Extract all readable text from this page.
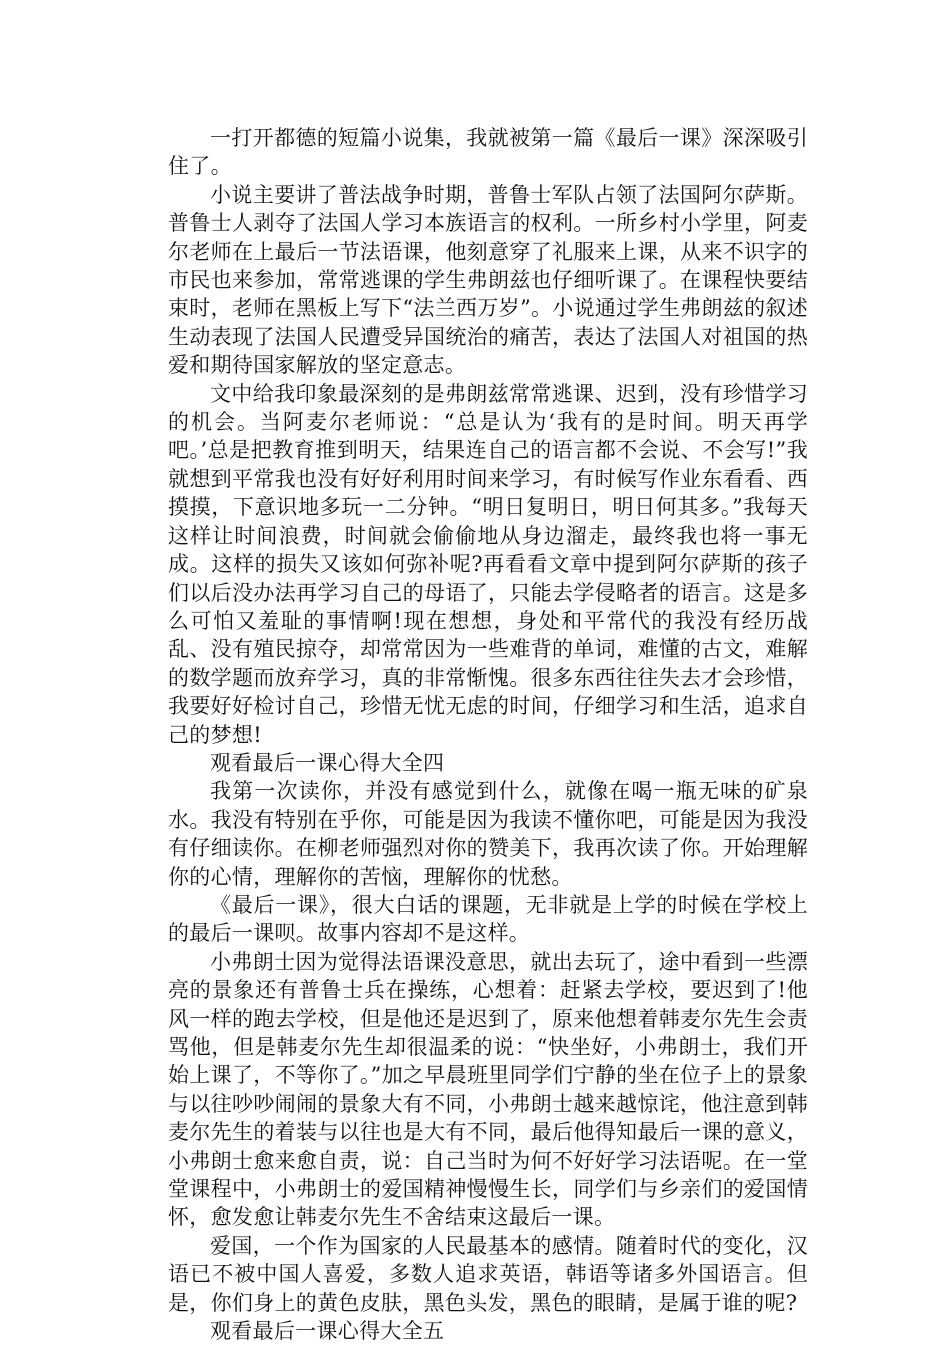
一打开都德的短篇小说集，我就被第一篇《最后一课》深深吸引住了。

小说主要讲了普法战争时期，普鲁士军队占领了法国阿尔萨斯。普鲁士人剥夺了法国人学习本族语言的权利。一所乡村小学里，阿麦尔老师在上最后一节法语课，他刻意穿了礼服来上课，从来不识字的市民也来参加，常常逃课的学生弗朗兹也仔细听课了。在课程快要结束时，老师在黑板上写下“法兰西万岁”。小说通过学生弗朗兹的叙述生动表现了法国人民遭受异国统治的痛苦，表达了法国人对祖国的热爱和期待国家解放的坚定意志。

文中给我印象最深刻的是弗朗兹常常逃课、迟到，没有珍惜学习的机会。当阿麦尔老师说：“总是认为‘我有的是时间。明天再学吧。’总是把教育推到明天，结果连自己的语言都不会说、不会写!”我就想到平常我也没有好好利用时间来学习，有时候写作业东看看、西摸摸，下意识地多玩一二分钟。“明日复明日，明日何其多。”我每天这样让时间浪费，时间就会偷偷地从身边溜走，最终我也将一事无成。这样的损失又该如何弥补呢?再看看文章中提到阿尔萨斯的孩子们以后没办法再学习自己的母语了，只能去学侵略者的语言。这是多么可怕又羞耻的事情啊!现在想想，身处和平常代的我没有经历战乱、没有殖民掠夺，却常常因为一些难背的单词，难懂的古文，难解的数学题而放弃学习，真的非常惭愧。很多东西往往失去才会珍惜，我要好好检讨自己，珍惜无忧无虑的时间，仔细学习和生活，追求自己的梦想!

观看最后一课心得大全四

我第一次读你，并没有感觉到什么，就像在喝一瓶无味的矿泉水。我没有特别在乎你，可能是因为我读不懂你吧，可能是因为我没有仔细读你。在柳老师强烈对你的赞美下，我再次读了你。开始理解你的心情，理解你的苦恼，理解你的忧愁。

《最后一课》，很大白话的课题，无非就是上学的时候在学校上的最后一课呗。故事内容却不是这样。

小弗朗士因为觉得法语课没意思，就出去玩了，途中看到一些漂亮的景象还有普鲁士兵在操练，心想着：赶紧去学校，要迟到了!他风一样的跑去学校，但是他还是迟到了，原来他想着韩麦尔先生会责骂他，但是韩麦尔先生却很温柔的说：“快坐好，小弗朗士，我们开始上课了，不等你了。”加之早晨班里同学们宁静的坐在位子上的景象与以往吵吵闹闹的景象大有不同，小弗朗士越来越惊诧，他注意到韩麦尔先生的着装与以往也是大有不同，最后他得知最后一课的意义，小弗朗士愈来愈自责，说：自己当时为何不好好学习法语呢。在一堂堂课程中，小弗朗士的爱国精神慢慢生长，同学们与乡亲们的爱国情怀，愈发愈让韩麦尔先生不舍结束这最后一课。

爱国，一个作为国家的人民最基本的感情。随着时代的变化，汉语已不被中国人喜爱，多数人追求英语，韩语等诸多外国语言。但是，你们身上的黄色皮肤，黑色头发，黑色的眼睛，是属于谁的呢?

观看最后一课心得大全五
